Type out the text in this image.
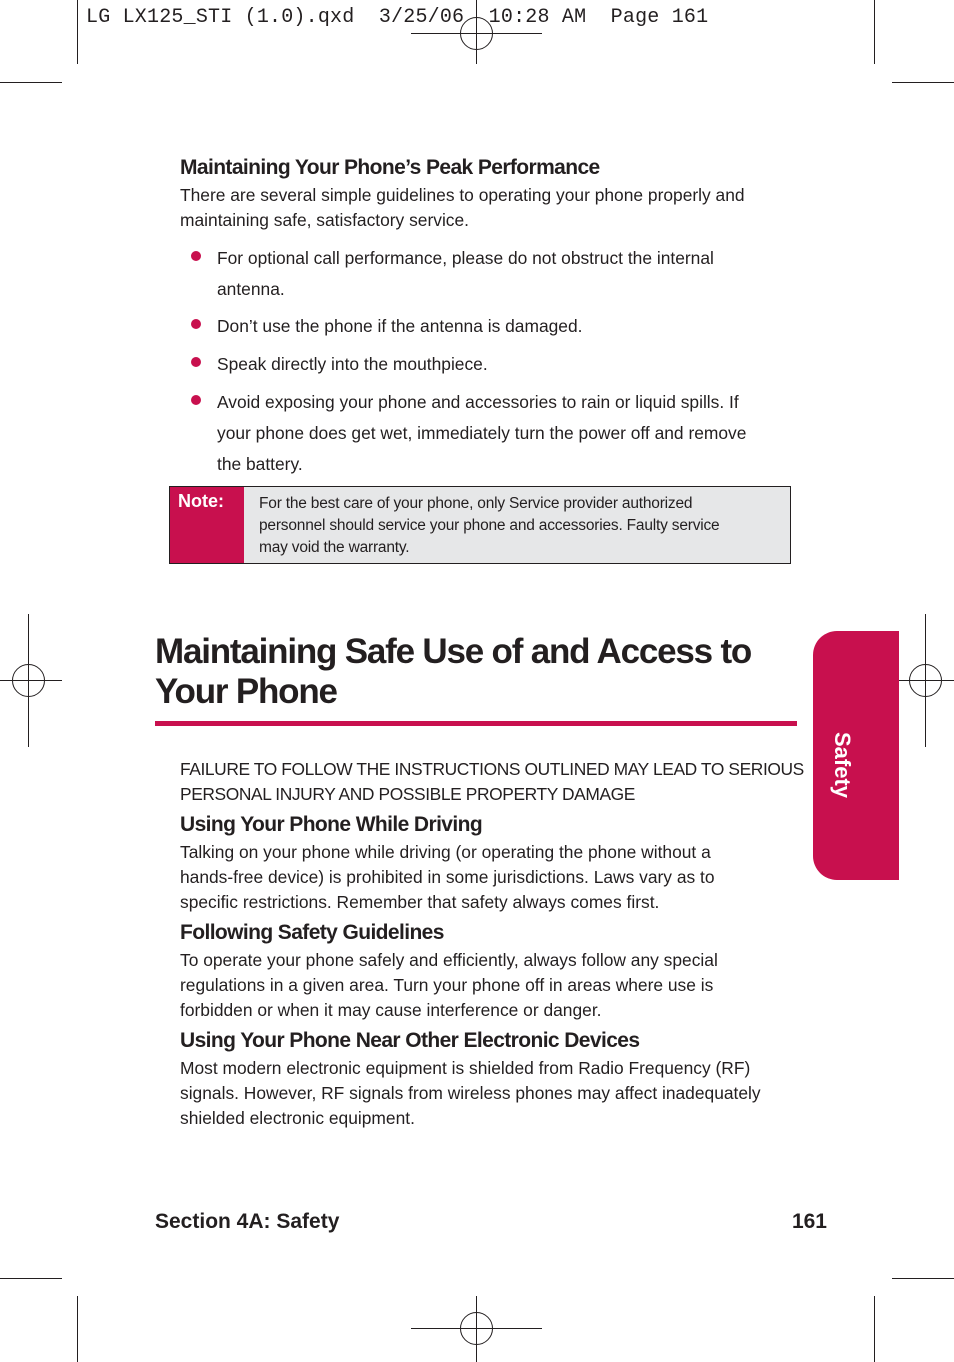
LG LX125_STI (1.0).qxd  3/25/06  10:28 AM  Page 161
Maintaining Your Phone’s Peak Performance
There are several simple guidelines to operating your phone properly and
maintaining safe, satisfactory service.
For optional call performance, please do not obstruct the internal
antenna.
Don’t use the phone if the antenna is damaged.
Speak directly into the mouthpiece.
Avoid exposing your phone and accessories to rain or liquid spills. If
your phone does get wet, immediately turn the power off and remove
the battery.
Note:	For the best care of your phone, only Service provider authorized
personnel should service your phone and accessories. Faulty service
may void the warranty.
Maintaining Safe Use of and Access to
Your Phone
Safety
FAILURE TO FOLLOW THE INSTRUCTIONS OUTLINED MAY LEAD TO SERIOUS
PERSONAL INJURY AND POSSIBLE PROPERTY DAMAGE
Using Your Phone While Driving
Talking on your phone while driving (or operating the phone without a
hands-free device) is prohibited in some jurisdictions. Laws vary as to
specific restrictions. Remember that safety always comes first.
Following Safety Guidelines
To operate your phone safely and efficiently, always follow any special
regulations in a given area. Turn your phone off in areas where use is
forbidden or when it may cause interference or danger.
Using Your Phone Near Other Electronic Devices
Most modern electronic equipment is shielded from Radio Frequency (RF)
signals. However, RF signals from wireless phones may affect inadequately
shielded electronic equipment.
Section 4A: Safety	161
